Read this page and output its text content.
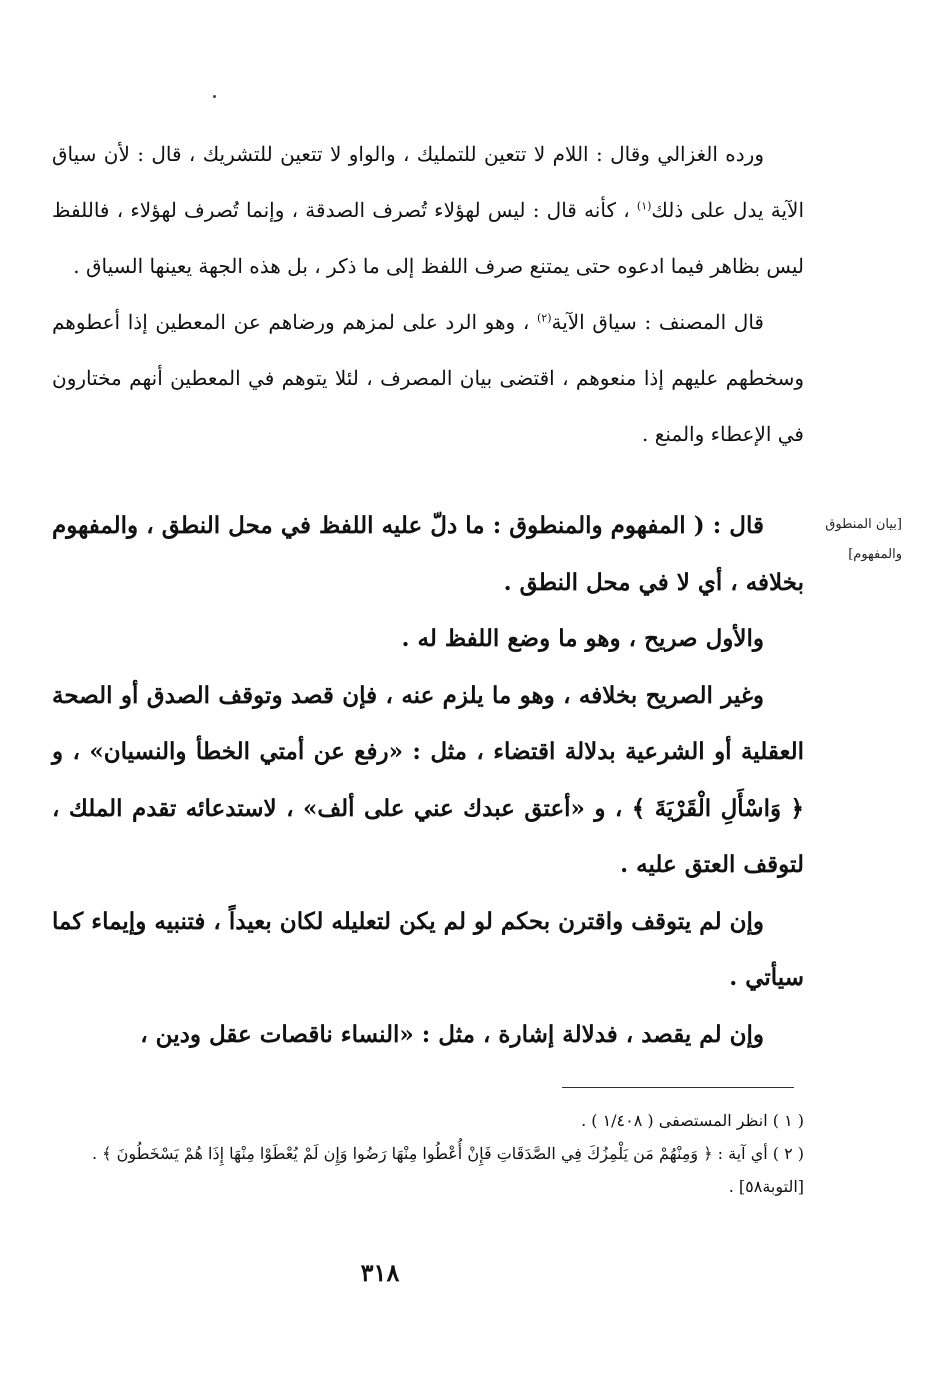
ورده الغزالي وقال : اللام لا تتعين للتمليك ، والواو لا تتعين للتشريك ، قال : لأن سياق الآية يدل على ذلك$^{(١)}$ ، كأنه قال : ليس لهؤلاء تُصرف الصدقة ، وإنما تُصرف لهؤلاء ، فاللفظ ليس بظاهر فيما ادعوه حتى يمتنع صرف اللفظ إلى ما ذكر ، بل هذه الجهة يعينها السياق .

قال المصنف : سياق الآية$^{(٢)}$ ، وهو الرد على لمزهم ورضاهم عن المعطين إذا أعطوهم وسخطهم عليهم إذا منعوهم ، اقتضى بيان المصرف ، لئلا يتوهم في المعطين أنهم مختارون في الإعطاء والمنع .

[بيان المنطوق
والمفهوم]

قال : ( المفهوم والمنطوق : ما دلّ عليه اللفظ في محل النطق ، والمفهوم بخلافه ، أي لا في محل النطق .

والأول صريح ، وهو ما وضع اللفظ له .

وغير الصريح بخلافه ، وهو ما يلزم عنه ، فإن قصد وتوقف الصدق أو الصحة العقلية أو الشرعية بدلالة اقتضاء ، مثل : «رفع عن أمتي الخطأ والنسيان» ، و ﴿ وَاسْأَلِ الْقَرْيَةَ ﴾ ، و «أعتق عبدك عني على ألف» ، لاستدعائه تقدم الملك ، لتوقف العتق عليه .

وإن لم يتوقف واقترن بحكم لو لم يكن لتعليله لكان بعيداً ، فتنبيه وإيماء كما سيأتي .

وإن لم يقصد ، فدلالة إشارة ، مثل : «النساء ناقصات عقل ودين ،

( ١ ) انظر المستصفى ( ١/٤٠٨ ) .

( ٢ ) أي آية : ﴿ وَمِنْهُمْ مَن يَلْمِزُكَ فِي الصَّدَقَاتِ فَإِنْ أُعْطُوا مِنْهَا رَضُوا وَإِن لَمْ يُعْطَوْا مِنْهَا إِذَا هُمْ يَسْخَطُونَ ﴾ . [التوبة٥٨] .

٣١٨
